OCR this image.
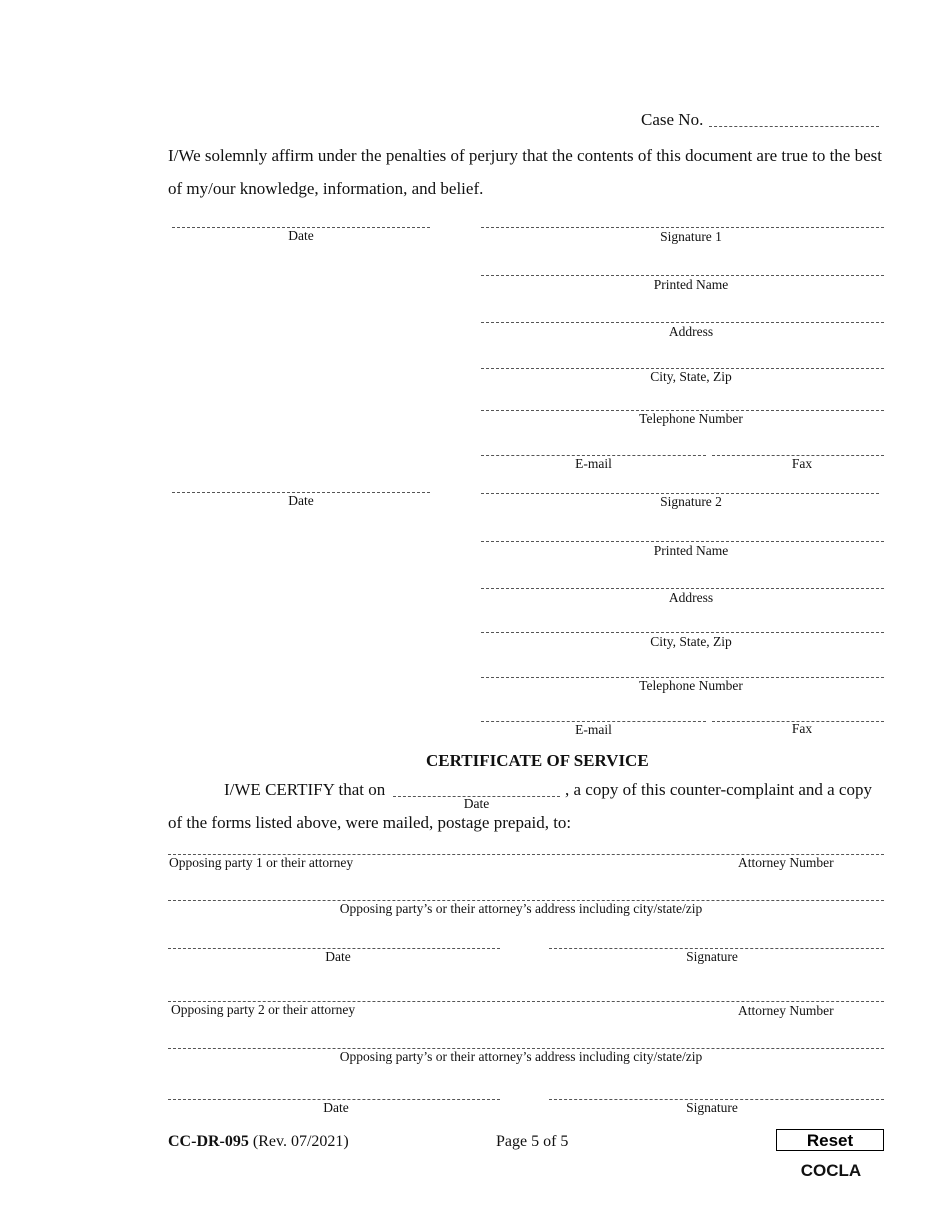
Case No.
I/We solemnly affirm under the penalties of perjury that the contents of this document are true to the best
of my/our knowledge, information, and belief.
Date	Signature 1
Printed Name
Address
City, State, Zip
Telephone Number
E-mail	Fax
Date	Signature 2
Printed Name
Address
City, State, Zip
Telephone Number
E-mail	Fax
CERTIFICATE OF SERVICE
I/WE CERTIFY that on
Date
, a copy of this counter-complaint and a copy
of the forms listed above, were mailed, postage prepaid, to:
Opposing party 1 or their attorney	Attorney Number
Opposing party’s or their attorney’s address including city/state/zip
Date	Signature
Opposing party 2 or their attorney	Attorney Number
Opposing party’s or their attorney’s address including city/state/zip
Date	Signature
CC-DR-095 (Rev. 07/2021)	Page 5 of 5	Reset
COCLA
